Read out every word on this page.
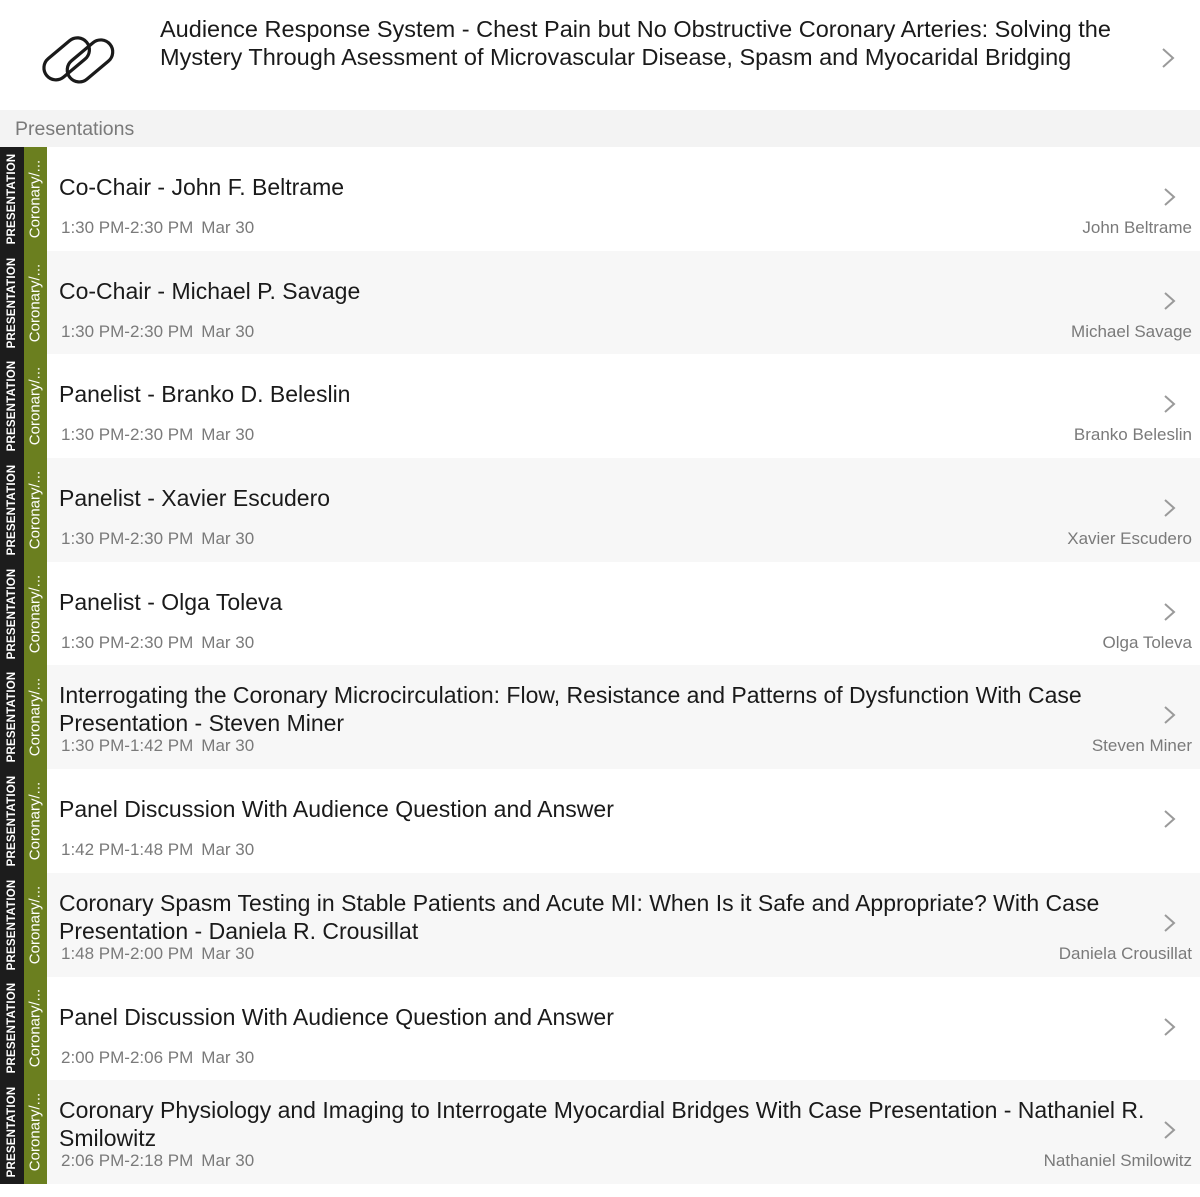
Audience Response System - Chest Pain but No Obstructive Coronary Arteries: Solving the Mystery Through Asessment of Microvascular Disease, Spasm and Myocaridal Bridging
Presentations
PRESENTATION Coronary/... Co-Chair - John F. Beltrame
1:30 PM-2:30 PM Mar 30	John Beltrame
PRESENTATION Coronary/... Co-Chair - Michael P. Savage
1:30 PM-2:30 PM Mar 30	Michael Savage
PRESENTATION Coronary/... Panelist - Branko D. Beleslin
1:30 PM-2:30 PM Mar 30	Branko Beleslin
PRESENTATION Coronary/... Panelist - Xavier Escudero
1:30 PM-2:30 PM Mar 30	Xavier Escudero
PRESENTATION Coronary/... Panelist - Olga Toleva
1:30 PM-2:30 PM Mar 30	Olga Toleva
PRESENTATION Coronary/... Interrogating the Coronary Microcirculation: Flow, Resistance and Patterns of Dysfunction With Case Presentation - Steven Miner
1:30 PM-1:42 PM Mar 30	Steven Miner
PRESENTATION Coronary/... Panel Discussion With Audience Question and Answer
1:42 PM-1:48 PM Mar 30
PRESENTATION Coronary/... Coronary Spasm Testing in Stable Patients and Acute MI: When Is it Safe and Appropriate? With Case Presentation - Daniela R. Crousillat
1:48 PM-2:00 PM Mar 30	Daniela Crousillat
PRESENTATION Coronary/... Panel Discussion With Audience Question and Answer
2:00 PM-2:06 PM Mar 30
PRESENTATION Coronary/... Coronary Physiology and Imaging to Interrogate Myocardial Bridges With Case Presentation - Nathaniel R. Smilowitz
2:06 PM-2:18 PM Mar 30	Nathaniel Smilowitz
